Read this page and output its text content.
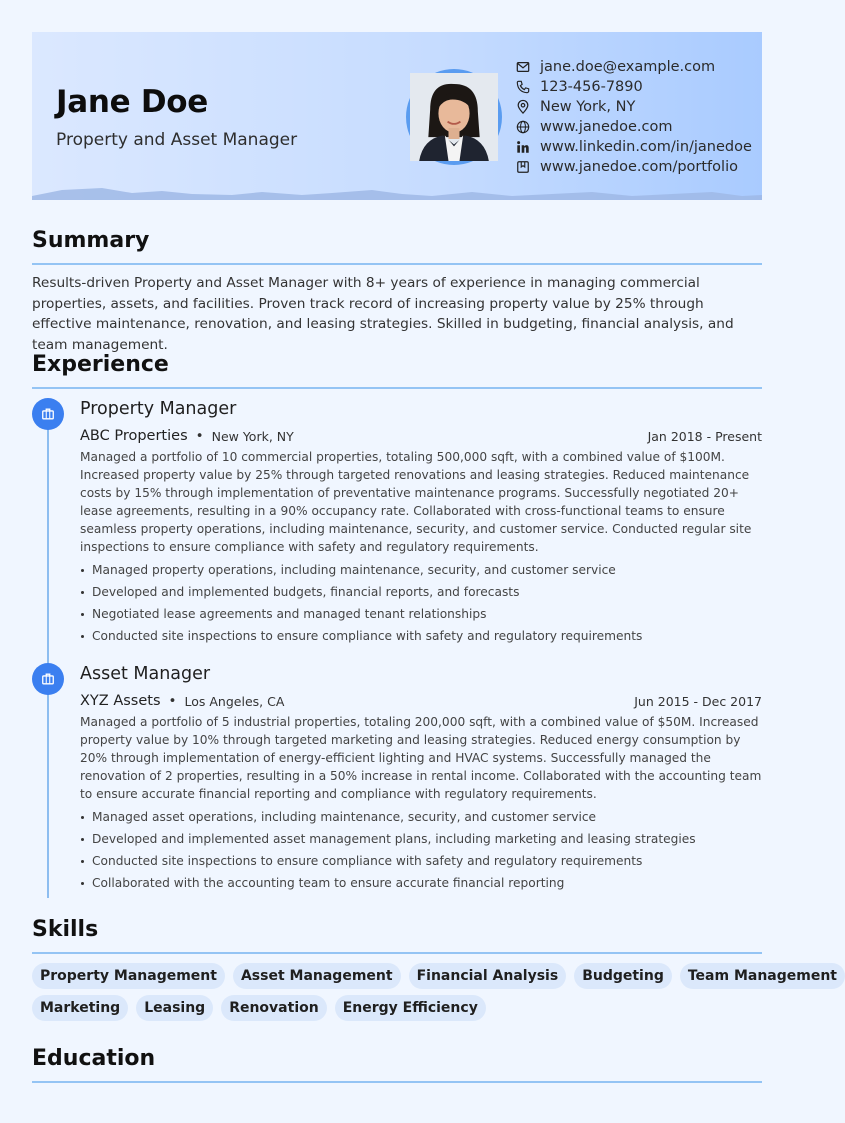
Jane Doe
Property and Asset Manager
jane.doe@example.com
123-456-7890
New York, NY
www.janedoe.com
www.linkedin.com/in/janedoe
www.janedoe.com/portfolio
Summary
Results-driven Property and Asset Manager with 8+ years of experience in managing commercial properties, assets, and facilities. Proven track record of increasing property value by 25% through effective maintenance, renovation, and leasing strategies. Skilled in budgeting, financial analysis, and team management.
Experience
Property Manager
ABC Properties • New York, NY	Jan 2018 - Present
Managed a portfolio of 10 commercial properties, totaling 500,000 sqft, with a combined value of $100M. Increased property value by 25% through targeted renovations and leasing strategies. Reduced maintenance costs by 15% through implementation of preventative maintenance programs. Successfully negotiated 20+ lease agreements, resulting in a 90% occupancy rate. Collaborated with cross-functional teams to ensure seamless property operations, including maintenance, security, and customer service. Conducted regular site inspections to ensure compliance with safety and regulatory requirements.
Managed property operations, including maintenance, security, and customer service
Developed and implemented budgets, financial reports, and forecasts
Negotiated lease agreements and managed tenant relationships
Conducted site inspections to ensure compliance with safety and regulatory requirements
Asset Manager
XYZ Assets • Los Angeles, CA	Jun 2015 - Dec 2017
Managed a portfolio of 5 industrial properties, totaling 200,000 sqft, with a combined value of $50M. Increased property value by 10% through targeted marketing and leasing strategies. Reduced energy consumption by 20% through implementation of energy-efficient lighting and HVAC systems. Successfully managed the renovation of 2 properties, resulting in a 50% increase in rental income. Collaborated with the accounting team to ensure accurate financial reporting and compliance with regulatory requirements.
Managed asset operations, including maintenance, security, and customer service
Developed and implemented asset management plans, including marketing and leasing strategies
Conducted site inspections to ensure compliance with safety and regulatory requirements
Collaborated with the accounting team to ensure accurate financial reporting
Skills
Property Management	Asset Management	Financial Analysis	Budgeting	Team Management
Marketing	Leasing	Renovation	Energy Efficiency
Education
